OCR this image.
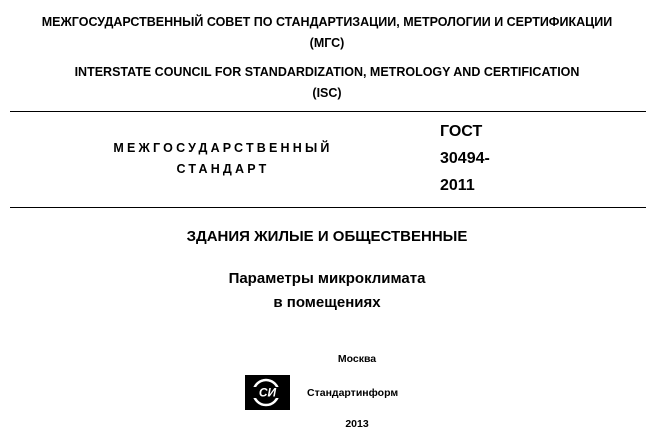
МЕЖГОСУДАРСТВЕННЫЙ СОВЕТ ПО СТАНДАРТИЗАЦИИ, МЕТРОЛОГИИ И СЕРТИФИКАЦИИ
(МГС)
INTERSTATE COUNCIL FOR STANDARDIZATION, METROLOGY AND CERTIFICATION
(ISC)
МЕЖГОСУДАРСТВЕННЫЙ
СТАНДАРТ
ГОСТ
30494-
2011
ЗДАНИЯ ЖИЛЫЕ И ОБЩЕСТВЕННЫЕ
Параметры микроклимата
в помещениях
Москва
СИ	Стандартинформ
2013
